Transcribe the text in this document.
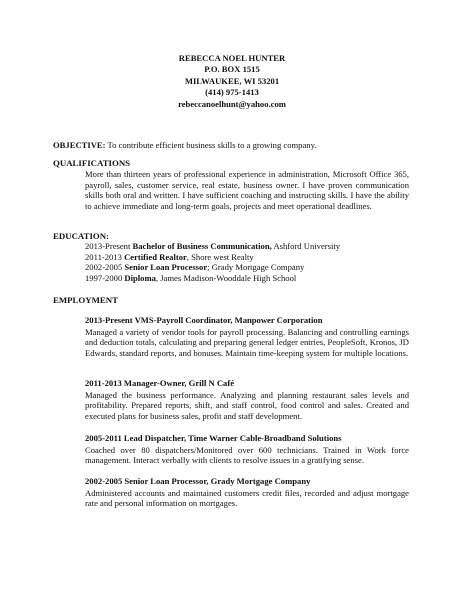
REBECCA NOEL HUNTER
P.O. BOX 1515
MILWAUKEE, WI 53201
(414) 975-1413
rebeccanoelhunt@yahoo.com
OBJECTIVE: To contribute efficient business skills to a growing company.
QUALIFICATIONS
More than thirteen years of professional experience in administration, Microsoft Office 365, payroll, sales, customer service, real estate, business owner. I have proven communication skills both oral and written. I have sufficient coaching and instructing skills. I have the ability to achieve immediate and long-term goals, projects and meet operational deadlines.
EDUCATION:
2013-Present Bachelor of Business Communication, Ashford University
2011-2013 Certified Realtor, Shore west Realty
2002-2005 Senior Loan Processor; Grady Mortgage Company
1997-2000 Diploma, James Madison-Wooddale High School
EMPLOYMENT
2013-Present VMS-Payroll Coordinator, Manpower Corporation
Managed a variety of vendor tools for payroll processing. Balancing and controlling earnings and deduction totals, calculating and preparing general ledger entries, PeopleSoft, Kronos, JD Edwards, standard reports, and bonuses. Maintain time-keeping system for multiple locations.
2011-2013 Manager-Owner, Grill N Café
Managed the business performance. Analyzing and planning restaurant sales levels and profitability. Prepared reports, shift, and staff control, food control and sales. Created and executed plans for business sales, profit and staff development.
2005-2011 Lead Dispatcher, Time Warner Cable-Broadband Solutions
Coached over 80 dispatchers/Monitored over 600 technicians. Trained in Work force management. Interact verbally with clients to resolve issues in a gratifying sense.
2002-2005 Senior Loan Processor, Grady Mortgage Company
Administered accounts and maintained customers credit files, recorded and adjust mortgage rate and personal information on mortgages.
